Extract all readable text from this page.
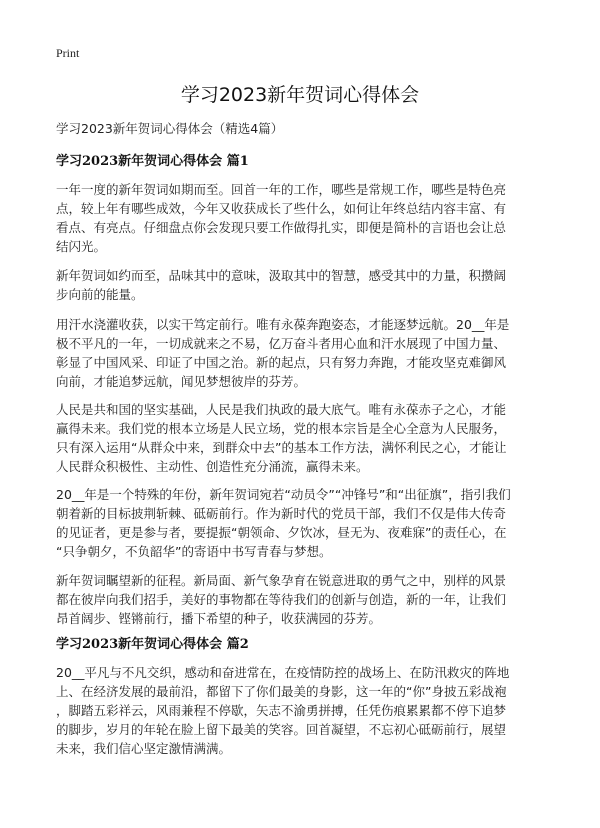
Print
学习2023新年贺词心得体会
学习2023新年贺词心得体会（精选4篇）
学习2023新年贺词心得体会 篇1
一年一度的新年贺词如期而至。回首一年的工作，哪些是常规工作，哪些是特色亮
点，较上年有哪些成效，今年又收获成长了些什么，如何让年终总结内容丰富、有
看点、有亮点。仔细盘点你会发现只要工作做得扎实，即便是简朴的言语也会让总
结闪光。
新年贺词如约而至，品味其中的意味，汲取其中的智慧，感受其中的力量，积攒阔
步向前的能量。
用汗水浇灌收获，以实干笃定前行。唯有永葆奔跑姿态，才能逐梦远航。20__年是
极不平凡的一年，一切成就来之不易，亿万奋斗者用心血和汗水展现了中国力量、
彰显了中国风采、印证了中国之治。新的起点，只有努力奔跑，才能攻坚克难御风
向前，才能追梦远航，闻见梦想彼岸的芬芳。
人民是共和国的坚实基础，人民是我们执政的最大底气。唯有永葆赤子之心，才能
赢得未来。我们党的根本立场是人民立场，党的根本宗旨是全心全意为人民服务，
只有深入运用“从群众中来，到群众中去”的基本工作方法，满怀利民之心，才能让
人民群众积极性、主动性、创造性充分涌流，赢得未来。
20__年是一个特殊的年份，新年贺词宛若“动员令”“冲锋号”和“出征旗”，指引我们
朝着新的目标披荆斩棘、砥砺前行。作为新时代的党员干部，我们不仅是伟大传奇
的见证者，更是参与者，要提振“朝领命、夕饮冰，昼无为、夜难寐”的责任心，在
“只争朝夕，不负韶华”的寄语中书写青春与梦想。
新年贺词瞩望新的征程。新局面、新气象孕育在锐意进取的勇气之中，别样的风景
都在彼岸向我们招手，美好的事物都在等待我们的创新与创造，新的一年，让我们
昂首阔步、铿锵前行，播下希望的种子，收获满园的芬芳。
学习2023新年贺词心得体会 篇2
20__平凡与不凡交织，感动和奋进常在，在疫情防控的战场上、在防汛救灾的阵地
上、在经济发展的最前沿，都留下了你们最美的身影，这一年的“你”身披五彩战袍
，脚踏五彩祥云，风雨兼程不停歇，矢志不渝勇拼搏，任凭伤痕累累都不停下追梦
的脚步，岁月的年轮在脸上留下最美的笑容。回首凝望，不忘初心砥砺前行，展望
未来，我们信心坚定激情满满。
